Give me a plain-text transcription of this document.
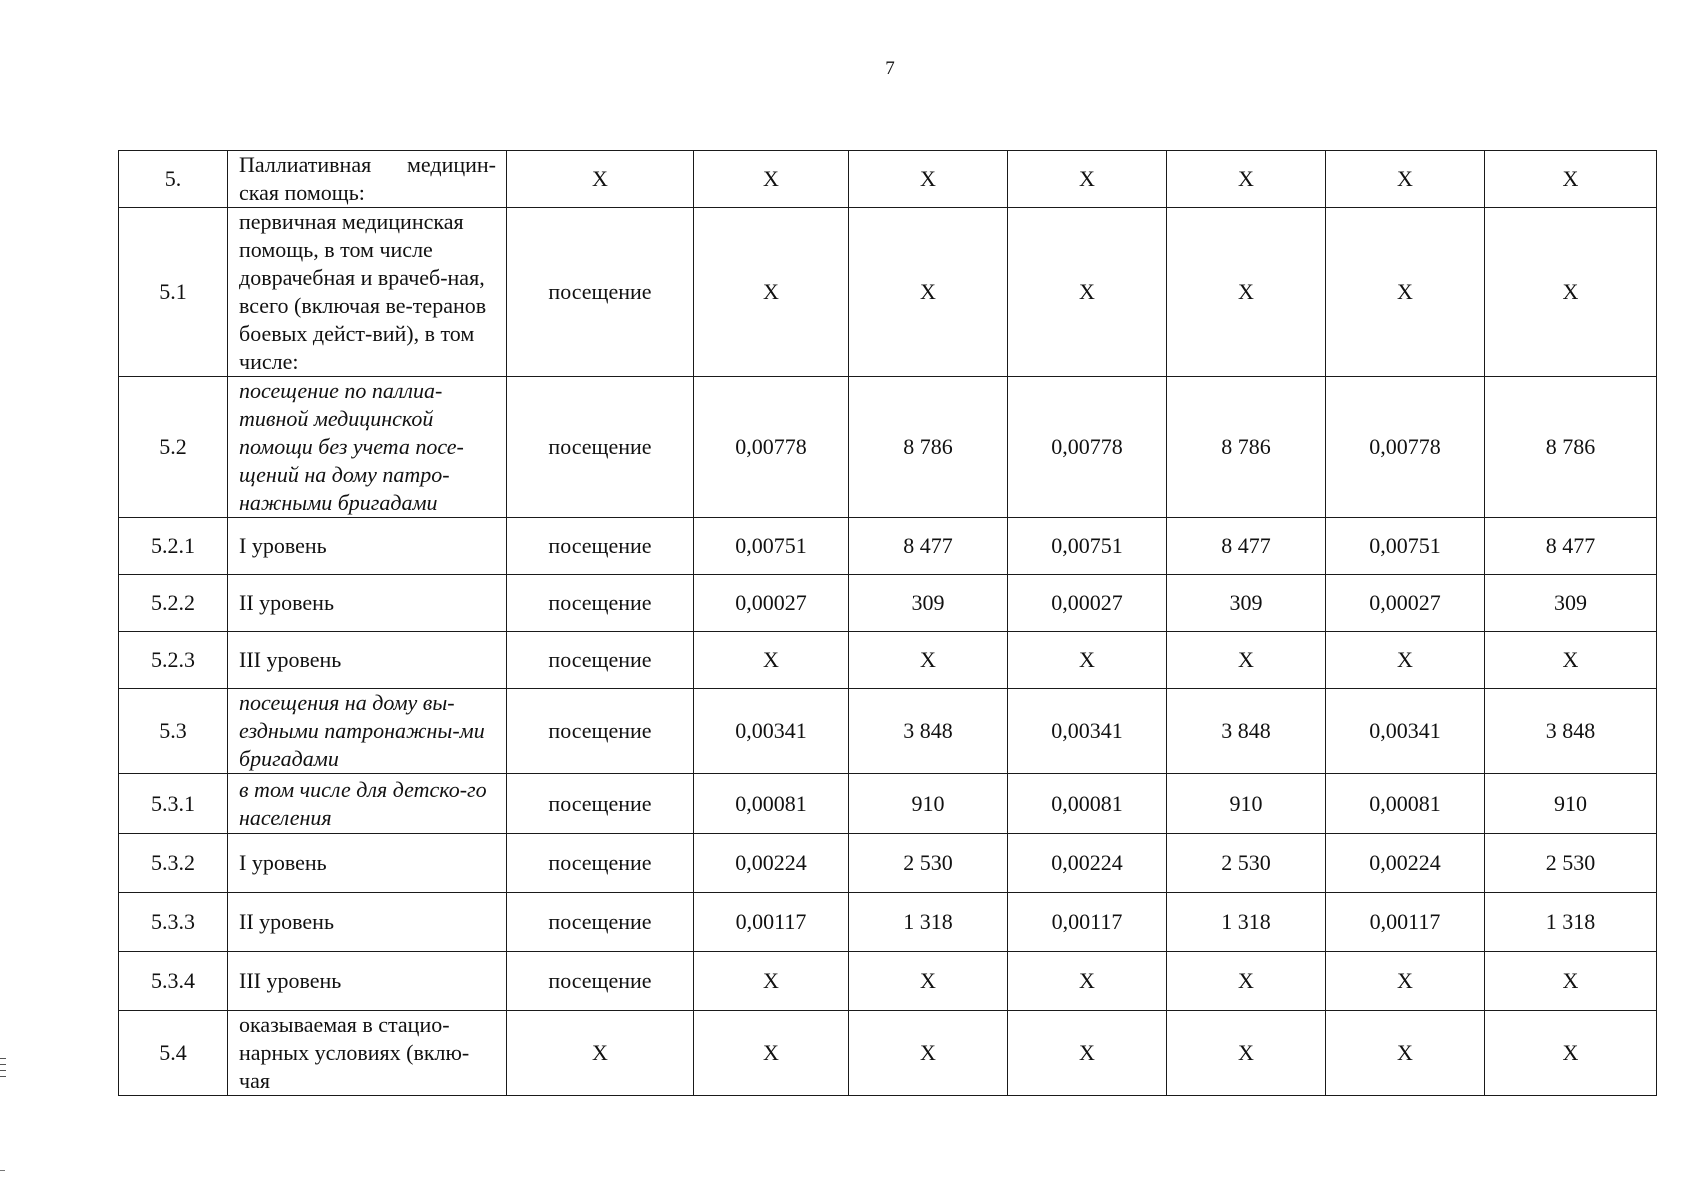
7
5.	Паллиативная медицин-ская помощь:	Х	Х	Х	Х	Х	Х	Х
5.1	первичная медицинская помощь, в том числе доврачебная и врачеб-ная, всего (включая ве-теранов боевых дейст-вий), в том числе:	посещение	Х	Х	Х	Х	Х	Х
5.2	посещение по паллиа-тивной медицинской помощи без учета посе-щений на дому патро-нажными бригадами	посещение	0,00778	8 786	0,00778	8 786	0,00778	8 786
5.2.1	I уровень	посещение	0,00751	8 477	0,00751	8 477	0,00751	8 477
5.2.2	II уровень	посещение	0,00027	309	0,00027	309	0,00027	309
5.2.3	III уровень	посещение	Х	Х	Х	Х	Х	Х
5.3	посещения на дому вы-ездными патронажны-ми бригадами	посещение	0,00341	3 848	0,00341	3 848	0,00341	3 848
5.3.1	в том числе для детско-го населения	посещение	0,00081	910	0,00081	910	0,00081	910
5.3.2	I уровень	посещение	0,00224	2 530	0,00224	2 530	0,00224	2 530
5.3.3	II уровень	посещение	0,00117	1 318	0,00117	1 318	0,00117	1 318
5.3.4	III уровень	посещение	Х	Х	Х	Х	Х	Х
5.4	оказываемая в стацио-нарных условиях (вклю-чая	Х	Х	Х	Х	Х	Х	Х
